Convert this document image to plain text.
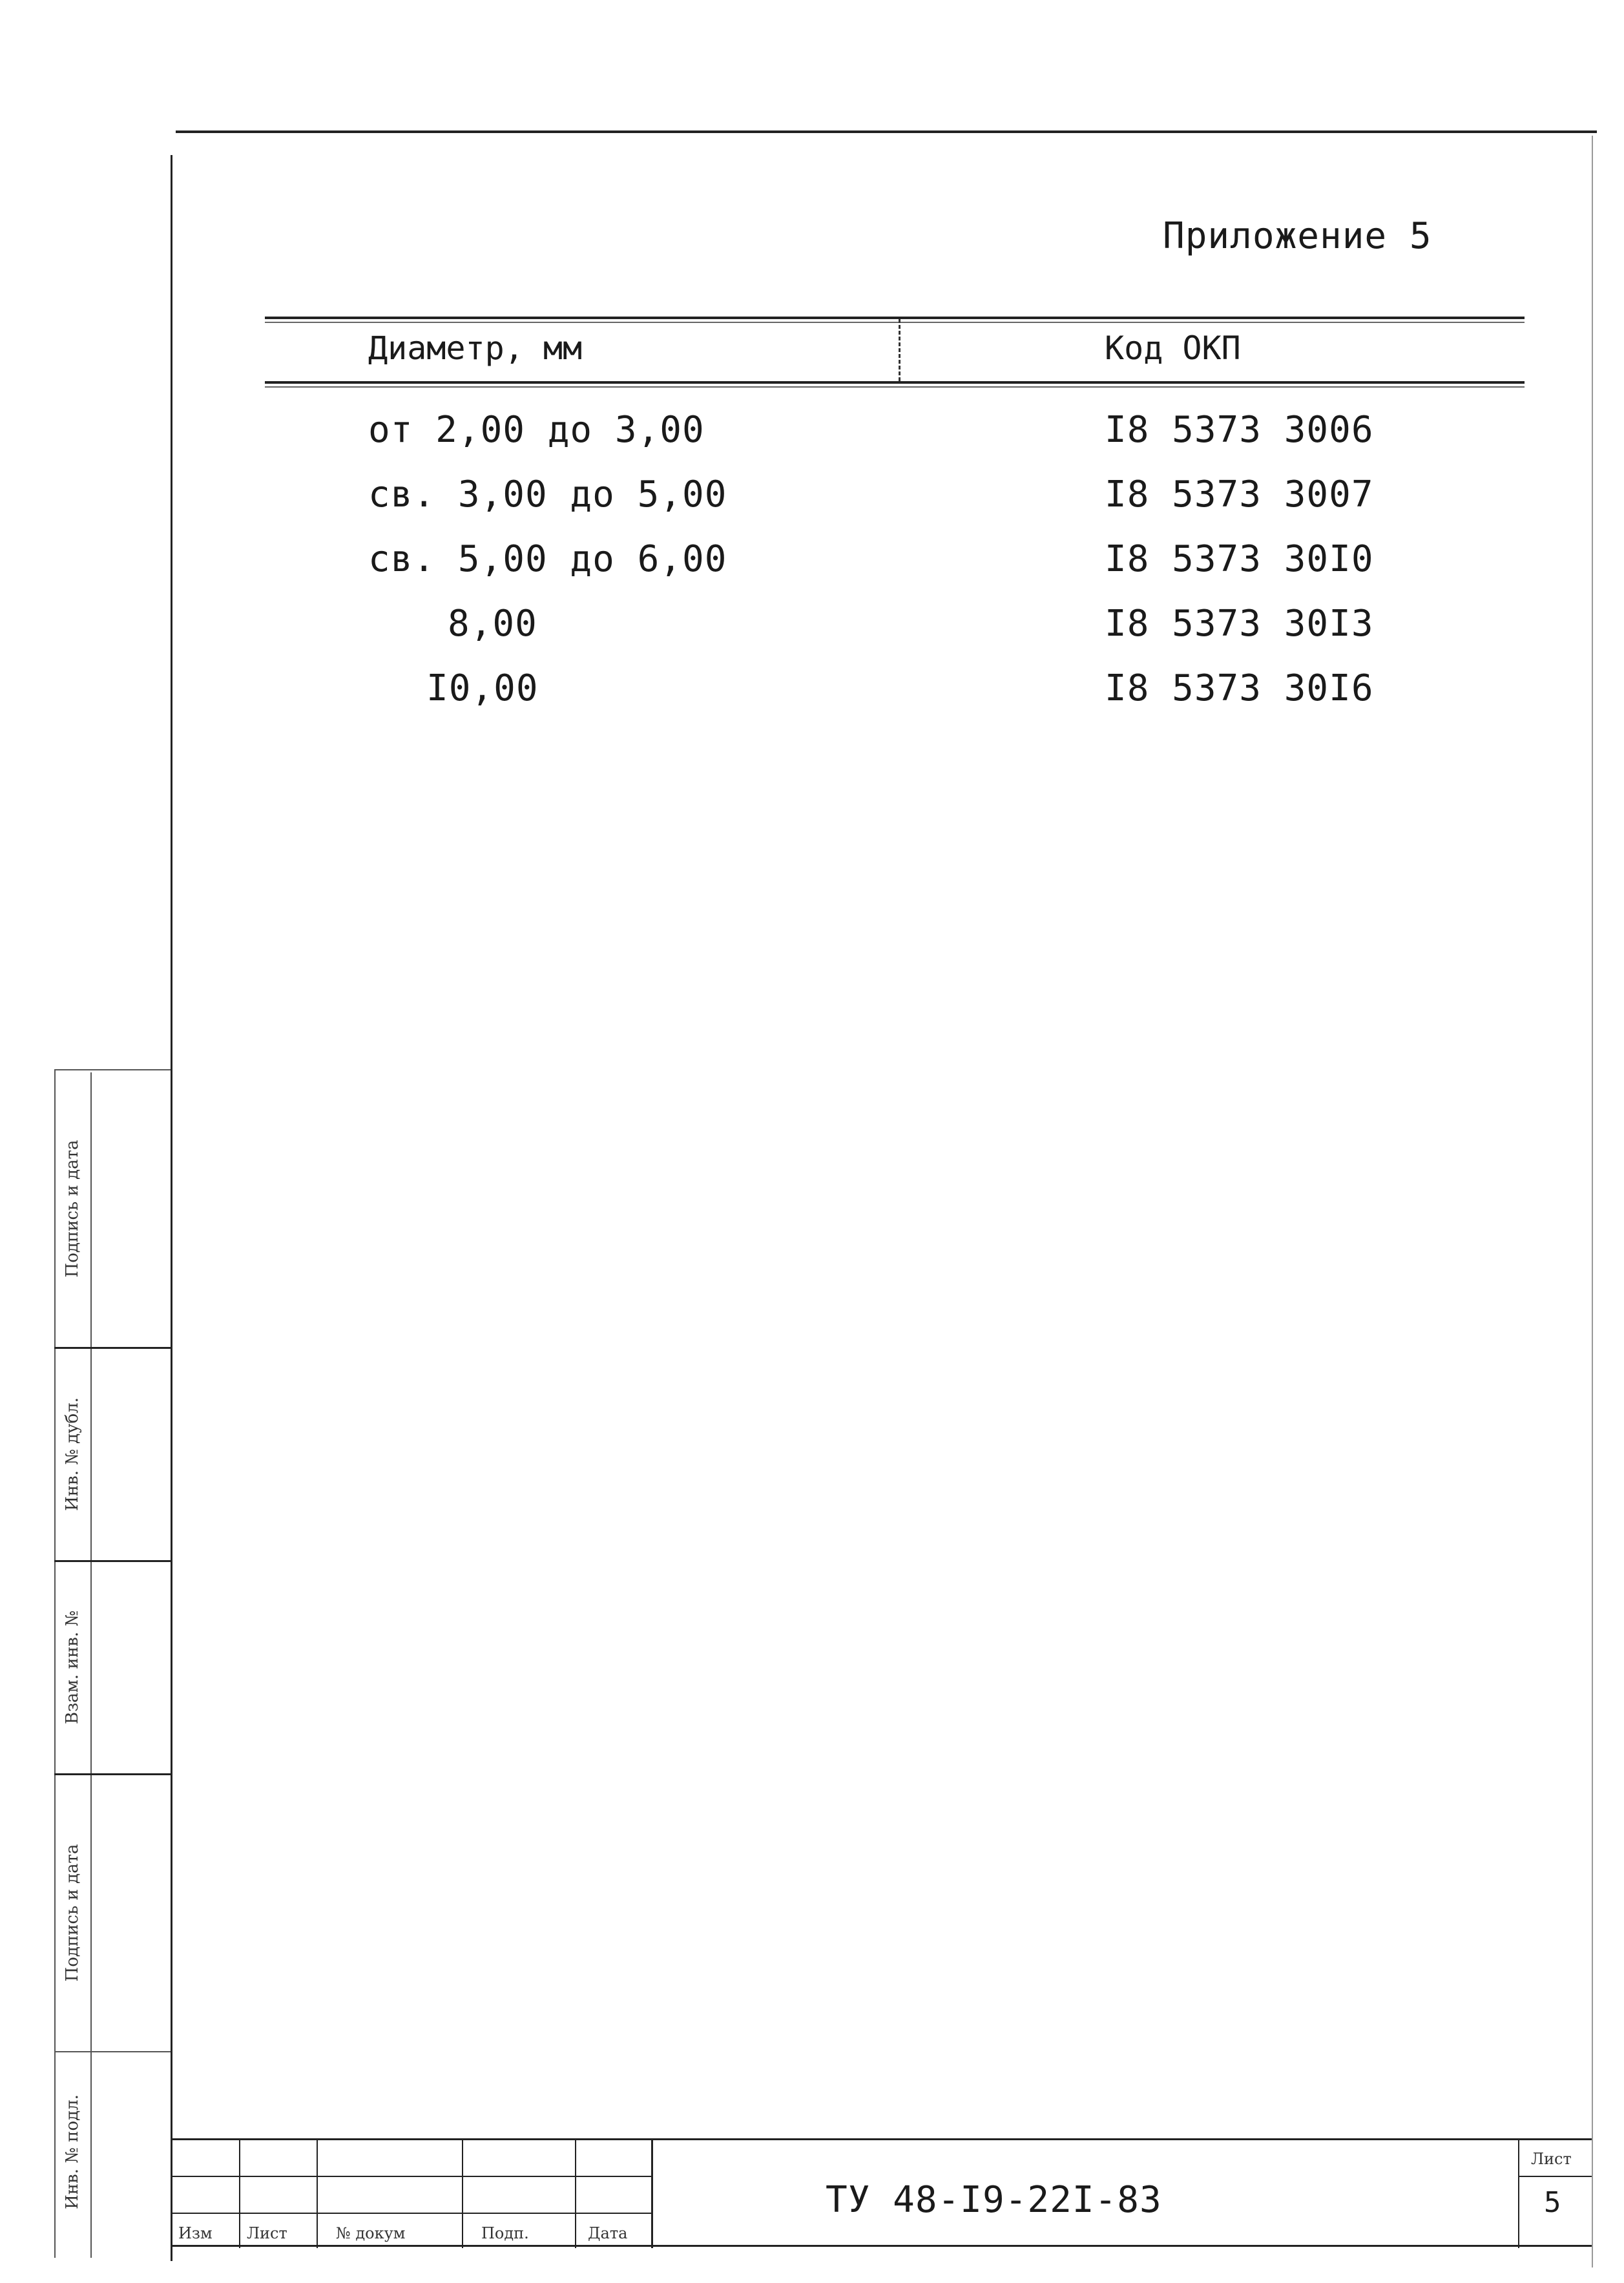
Приложение 5
Диаметр, мм	Код ОКП
от 2,00 до 3,00	I8 5373 3006
св. 3,00 до 5,00	I8 5373 3007
св. 5,00 до 6,00	I8 5373 30I0
8,00	I8 5373 30I3
I0,00	I8 5373 30I6
Подпись и дата
Инв. № дубл.
Взам. инв. №
Подпись и дата
Инв. № подл.
Изм Лист	№ докум	Подп.	Дата
ТУ 48-I9-22I-83
Лист
5
